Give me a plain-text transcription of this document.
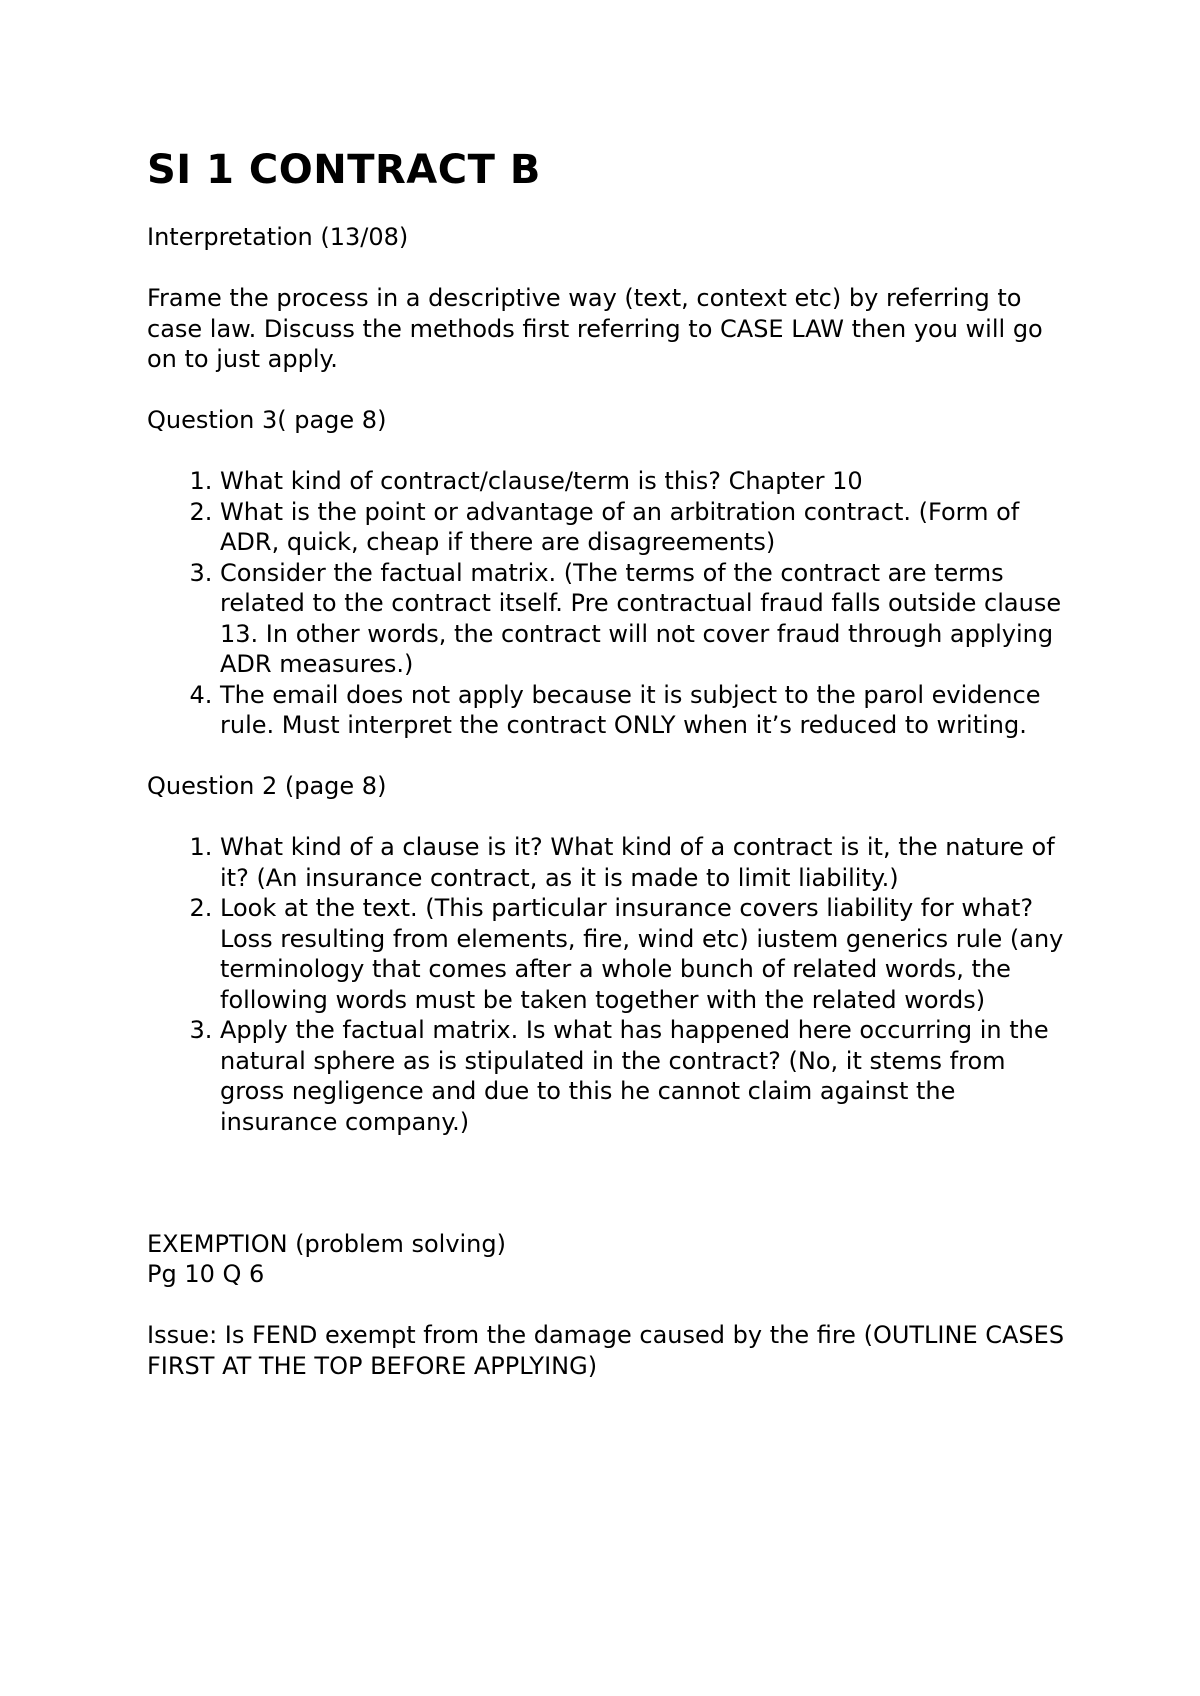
SI 1 CONTRACT B

Interpretation (13/08)

Frame the process in a descriptive way (text, context etc) by referring to case law. Discuss the methods first referring to CASE LAW then you will go on to just apply.

Question 3( page 8)

1. What kind of contract/clause/term is this? Chapter 10
2. What is the point or advantage of an arbitration contract. (Form of ADR, quick, cheap if there are disagreements)
3. Consider the factual matrix. (The terms of the contract are terms related to the contract itself. Pre contractual fraud falls outside clause 13. In other words, the contract will not cover fraud through applying ADR measures.)
4. The email does not apply because it is subject to the parol evidence rule. Must interpret the contract ONLY when it’s reduced to writing.

Question 2 (page 8)

1. What kind of a clause is it? What kind of a contract is it, the nature of it? (An insurance contract, as it is made to limit liability.)
2. Look at the text. (This particular insurance covers liability for what? Loss resulting from elements, fire, wind etc) iustem generics rule (any terminology that comes after a whole bunch of related words, the following words must be taken together with the related words)
3. Apply the factual matrix. Is what has happened here occurring in the natural sphere as is stipulated in the contract? (No, it stems from gross negligence and due to this he cannot claim against the insurance company.)

EXEMPTION (problem solving)

Pg 10 Q 6

Issue: Is FEND exempt from the damage caused by the fire (OUTLINE CASES FIRST AT THE TOP BEFORE APPLYING)
